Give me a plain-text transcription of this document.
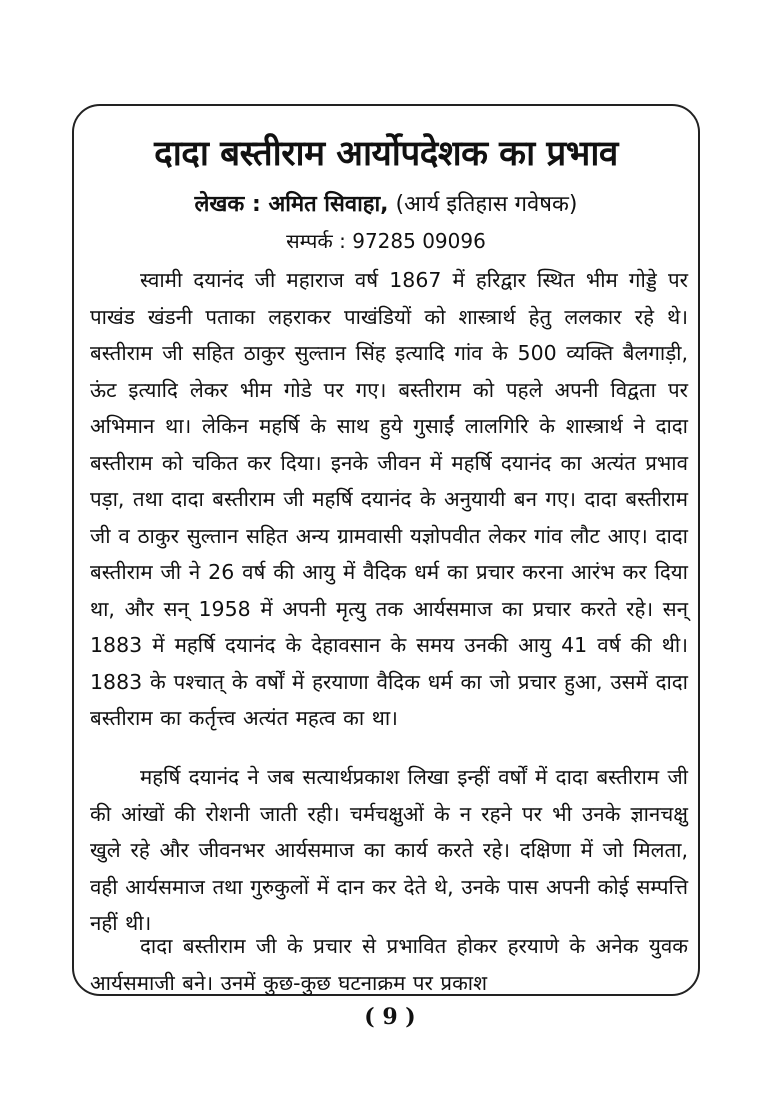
दादा बस्तीराम आर्योपदेशक का प्रभाव
लेखक : अमित सिवाहा, (आर्य इतिहास गवेषक)
सम्पर्क : 97285 09096

स्वामी दयानंद जी महाराज वर्ष 1867 में हरिद्वार स्थित भीम गोड्डे पर पाखंड खंडनी पताका लहराकर पाखंडियों को शास्त्रार्थ हेतु ललकार रहे थे। बस्तीराम जी सहित ठाकुर सुल्तान सिंह इत्यादि गांव के 500 व्यक्ति बैलगाड़ी, ऊंट इत्यादि लेकर भीम गोडे पर गए। बस्तीराम को पहले अपनी विद्वता पर अभिमान था। लेकिन महर्षि के साथ हुये गुसाईं लालगिरि के शास्त्रार्थ ने दादा बस्तीराम को चकित कर दिया। इनके जीवन में महर्षि दयानंद का अत्यंत प्रभाव पड़ा, तथा दादा बस्तीराम जी महर्षि दयानंद के अनुयायी बन गए। दादा बस्तीराम जी व ठाकुर सुल्तान सहित अन्य ग्रामवासी यज्ञोपवीत लेकर गांव लौट आए। दादा बस्तीराम जी ने 26 वर्ष की आयु में वैदिक धर्म का प्रचार करना आरंभ कर दिया था, और सन् 1958 में अपनी मृत्यु तक आर्यसमाज का प्रचार करते रहे। सन् 1883 में महर्षि दयानंद के देहावसान के समय उनकी आयु 41 वर्ष की थी। 1883 के पश्चात् के वर्षों में हरयाणा वैदिक धर्म का जो प्रचार हुआ, उसमें दादा बस्तीराम का कर्तृत्त्व अत्यंत महत्व का था।

महर्षि दयानंद ने जब सत्यार्थप्रकाश लिखा इन्हीं वर्षों में दादा बस्तीराम जी की आंखों की रोशनी जाती रही। चर्मचक्षुओं के न रहने पर भी उनके ज्ञानचक्षु खुले रहे और जीवनभर आर्यसमाज का कार्य करते रहे। दक्षिणा में जो मिलता, वही आर्यसमाज तथा गुरुकुलों में दान कर देते थे, उनके पास अपनी कोई सम्पत्ति नहीं थी।

दादा बस्तीराम जी के प्रचार से प्रभावित होकर हरयाणे के अनेक युवक आर्यसमाजी बने। उनमें कुछ-कुछ घटनाक्रम पर प्रकाश

( 9 )
